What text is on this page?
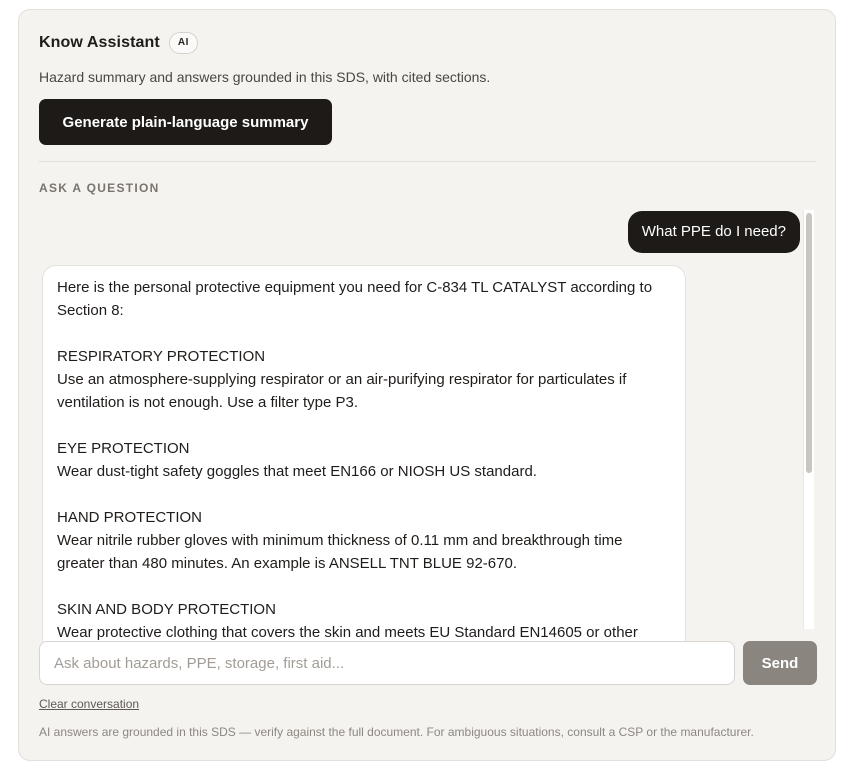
Know Assistant	AI
Hazard summary and answers grounded in this SDS, with cited sections.
Generate plain-language summary
ASK A QUESTION
What PPE do I need?

Here is the personal protective equipment you need for C-834 TL CATALYST according to Section 8:

RESPIRATORY PROTECTION
Use an atmosphere-supplying respirator or an air-purifying respirator for particulates if ventilation is not enough. Use a filter type P3.

EYE PROTECTION
Wear dust-tight safety goggles that meet EN166 or NIOSH US standard.

HAND PROTECTION
Wear nitrile rubber gloves with minimum thickness of 0.11 mm and breakthrough time greater than 480 minutes. An example is ANSELL TNT BLUE 92-670.

SKIN AND BODY PROTECTION
Wear protective clothing that covers the skin and meets EU Standard EN14605 or other

Ask about hazards, PPE, storage, first aid...
Send
Clear conversation
AI answers are grounded in this SDS — verify against the full document. For ambiguous situations, consult a CSP or the manufacturer.
